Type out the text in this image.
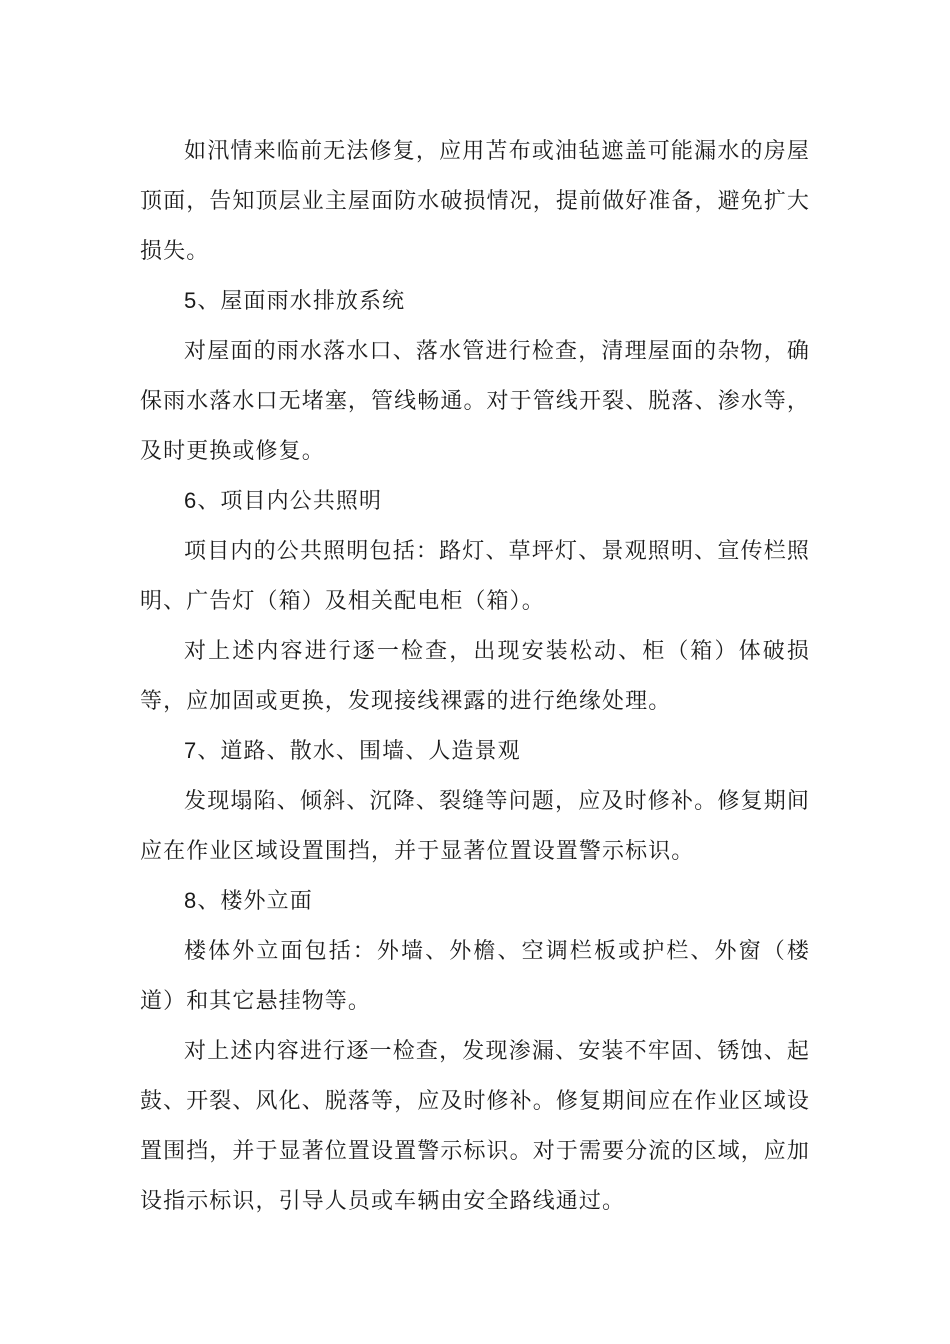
如汛情来临前无法修复，应用苫布或油毡遮盖可能漏水的房屋顶面，告知顶层业主屋面防水破损情况，提前做好准备，避免扩大损失。

5、屋面雨水排放系统

对屋面的雨水落水口、落水管进行检查，清理屋面的杂物，确保雨水落水口无堵塞，管线畅通。对于管线开裂、脱落、渗水等，及时更换或修复。

6、项目内公共照明

项目内的公共照明包括：路灯、草坪灯、景观照明、宣传栏照明、广告灯（箱）及相关配电柜（箱）。

对上述内容进行逐一检查，出现安装松动、柜（箱）体破损等，应加固或更换，发现接线裸露的进行绝缘处理。

7、道路、散水、围墙、人造景观

发现塌陷、倾斜、沉降、裂缝等问题，应及时修补。修复期间应在作业区域设置围挡，并于显著位置设置警示标识。

8、楼外立面

楼体外立面包括：外墙、外檐、空调栏板或护栏、外窗（楼道）和其它悬挂物等。

对上述内容进行逐一检查，发现渗漏、安装不牢固、锈蚀、起鼓、开裂、风化、脱落等，应及时修补。修复期间应在作业区域设置围挡，并于显著位置设置警示标识。对于需要分流的区域，应加设指示标识，引导人员或车辆由安全路线通过。
